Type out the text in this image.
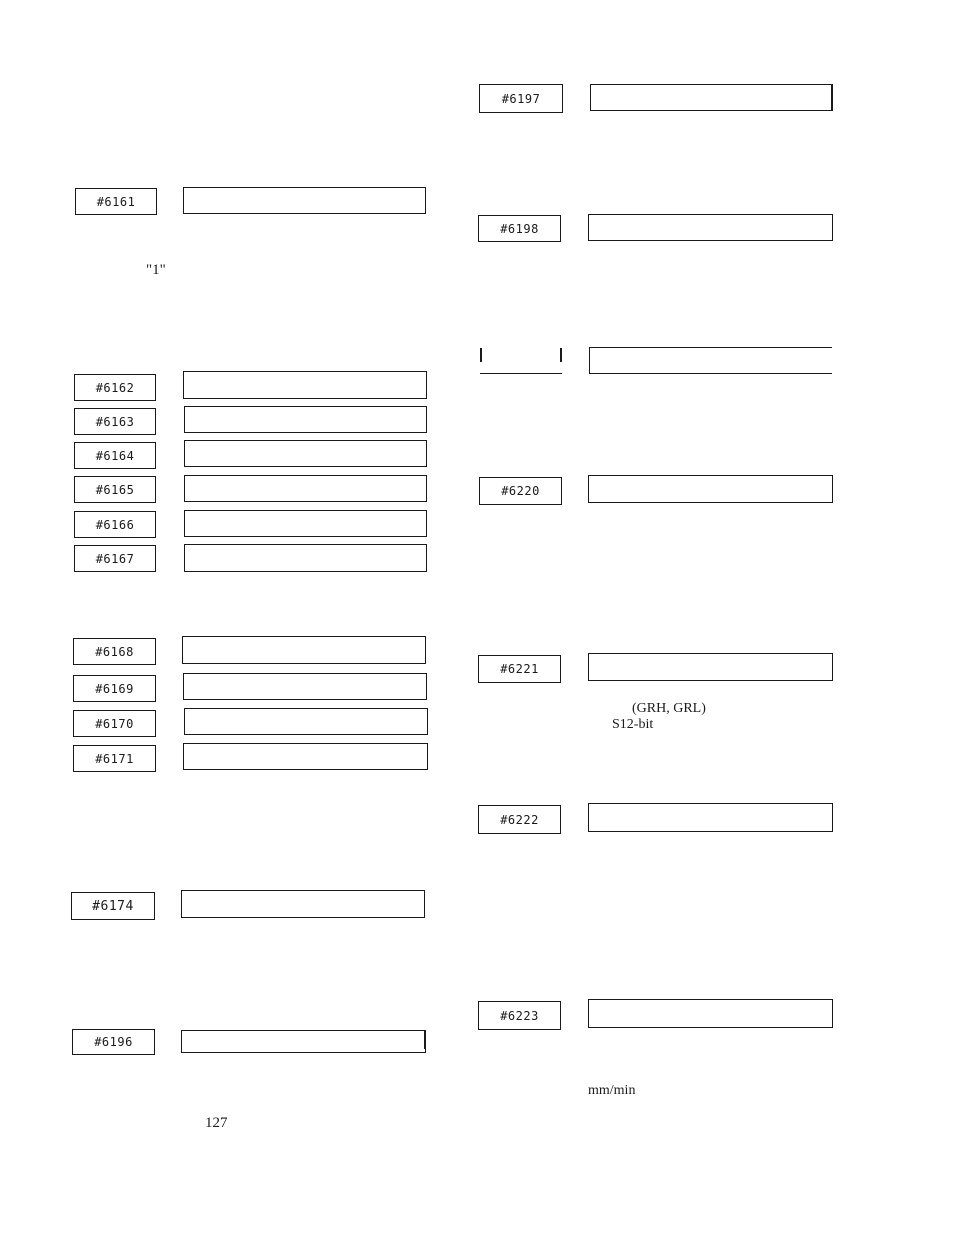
#6161
"1"
#6162
#6163
#6164
#6165
#6166
#6167
#6168
#6169
#6170
#6171
#6174
#6196
127
#6197
#6198
#6220
#6221
(GRH, GRL)
S12-bit
#6222
#6223
mm/min
